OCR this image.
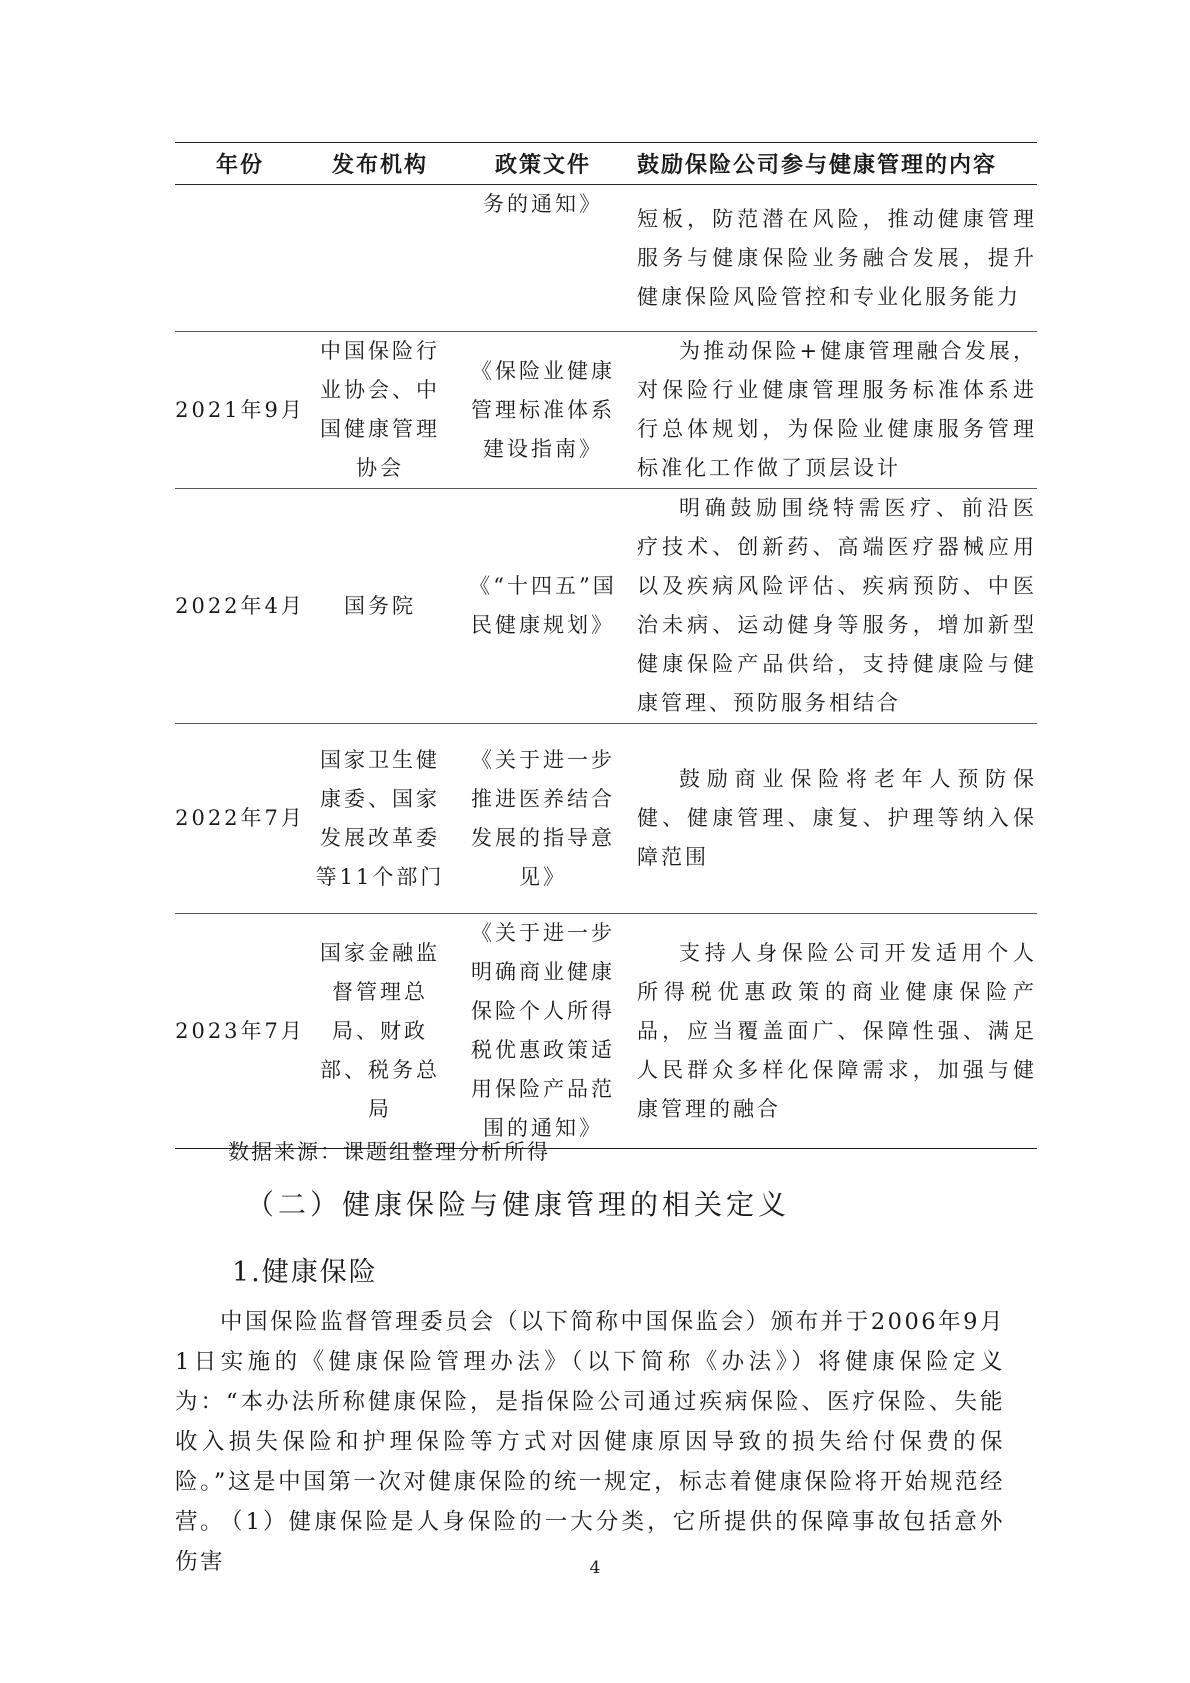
年份	发布机构	政策文件	鼓励保险公司参与健康管理的内容
		务的通知》	短板，防范潜在风险，推动健康管理服务与健康保险业务融合发展，提升健康保险风险管控和专业化服务能力

2021年9月	中国保险行业协会、中国健康管理协会	《保险业健康管理标准体系建设指南》	为推动保险+健康管理融合发展，对保险行业健康管理服务标准体系进行总体规划，为保险业健康服务管理标准化工作做了顶层设计

2022年4月	国务院	《“十四五”国民健康规划》	明确鼓励围绕特需医疗、前沿医疗技术、创新药、高端医疗器械应用以及疾病风险评估、疾病预防、中医治未病、运动健身等服务，增加新型健康保险产品供给，支持健康险与健康管理、预防服务相结合

2022年7月	国家卫生健康委、国家发展改革委等11个部门	《关于进一步推进医养结合发展的指导意见》	鼓励商业保险将老年人预防保健、健康管理、康复、护理等纳入保障范围

2023年7月	国家金融监督管理总局、财政部、税务总局	《关于进一步明确商业健康保险个人所得税优惠政策适用保险产品范围的通知》	支持人身保险公司开发适用个人所得税优惠政策的商业健康保险产品，应当覆盖面广、保障性强、满足人民群众多样化保障需求，加强与健康管理的融合
数据来源：课题组整理分析所得
（二）健康保险与健康管理的相关定义
1.健康保险

中国保险监督管理委员会（以下简称中国保监会）颁布并于2006年9月1日实施的《健康保险管理办法》（以下简称《办法》）将健康保险定义为：“本办法所称健康保险，是指保险公司通过疾病保险、医疗保险、失能收入损失保险和护理保险等方式对因健康原因导致的损失给付保费的保险。”这是中国第一次对健康保险的统一规定，标志着健康保险将开始规范经营。

（1）健康保险是人身保险的一大分类，它所提供的保障事故包括意外伤害	4
